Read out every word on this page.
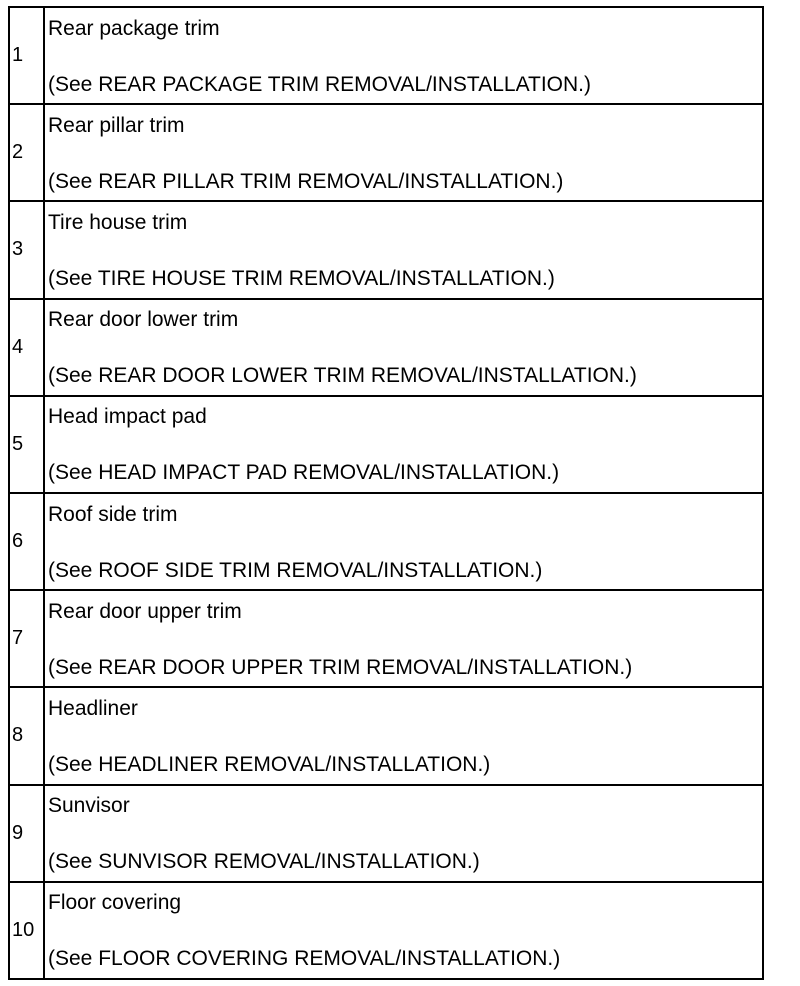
1	Rear package trim
(See REAR PACKAGE TRIM REMOVAL/INSTALLATION.)

2	Rear pillar trim
(See REAR PILLAR TRIM REMOVAL/INSTALLATION.)

3	Tire house trim
(See TIRE HOUSE TRIM REMOVAL/INSTALLATION.)

4	Rear door lower trim
(See REAR DOOR LOWER TRIM REMOVAL/INSTALLATION.)

5	Head impact pad
(See HEAD IMPACT PAD REMOVAL/INSTALLATION.)

6	Roof side trim
(See ROOF SIDE TRIM REMOVAL/INSTALLATION.)

7	Rear door upper trim
(See REAR DOOR UPPER TRIM REMOVAL/INSTALLATION.)

8	Headliner
(See HEADLINER REMOVAL/INSTALLATION.)

9	Sunvisor
(See SUNVISOR REMOVAL/INSTALLATION.)

10	Floor covering
(See FLOOR COVERING REMOVAL/INSTALLATION.)
